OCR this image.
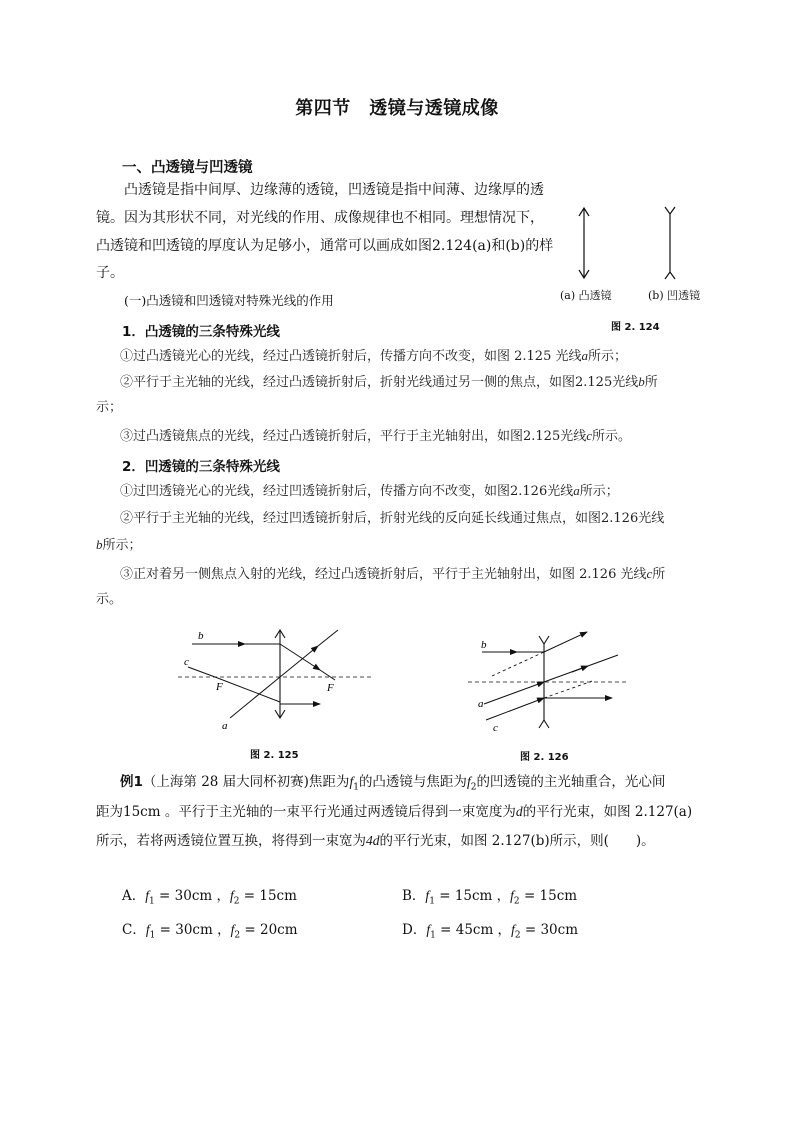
第四节　透镜与透镜成像
一、凸透镜与凹透镜
凸透镜是指中间厚、边缘薄的透镜，凹透镜是指中间薄、边缘厚的透
镜。因为其形状不同，对光线的作用、成像规律也不相同。理想情况下，
凸透镜和凹透镜的厚度认为足够小，通常可以画成如图2.124(a)和(b)的样
子。
(一)凸透镜和凹透镜对特殊光线的作用	(a) 凸透镜	(b) 凹透镜
图 2. 124
1．凸透镜的三条特殊光线
①过凸透镜光心的光线，经过凸透镜折射后，传播方向不改变，如图 2.125 光线a所示；
②平行于主光轴的光线，经过凸透镜折射后，折射光线通过另一侧的焦点，如图2.125光线b所
示；
③过凸透镜焦点的光线，经过凸透镜折射后，平行于主光轴射出，如图2.125光线c所示。
2．凹透镜的三条特殊光线
①过凹透镜光心的光线，经过凹透镜折射后，传播方向不改变，如图2.126光线a所示；
②平行于主光轴的光线，经过凹透镜折射后，折射光线的反向延长线通过焦点，如图2.126光线
b所示；
③正对着另一侧焦点入射的光线，经过凸透镜折射后，平行于主光轴射出，如图 2.126 光线c所
示。
b
c
F	F
a
图 2. 125
b
a
c
图 2. 126
例1（上海第 28 届大同杯初赛)焦距为$f_1$的凸透镜与焦距为$f_2$的凹透镜的主光轴重合，光心间
距为15cm 。平行于主光轴的一束平行光通过两透镜后得到一束宽度为d的平行光束，如图 2.127(a)
所示，若将两透镜位置互换，将得到一束宽为4d的平行光束，如图 2.127(b)所示，则(　　)。
A．$f_1 = 30cm$ ，$f_2 = 15cm$	B．$f_1 = 15cm$ ，$f_2 = 15cm$
C．$f_1 = 30cm$ ，$f_2 = 20cm$	D．$f_1 = 45cm$ ，$f_2 = 30cm$
